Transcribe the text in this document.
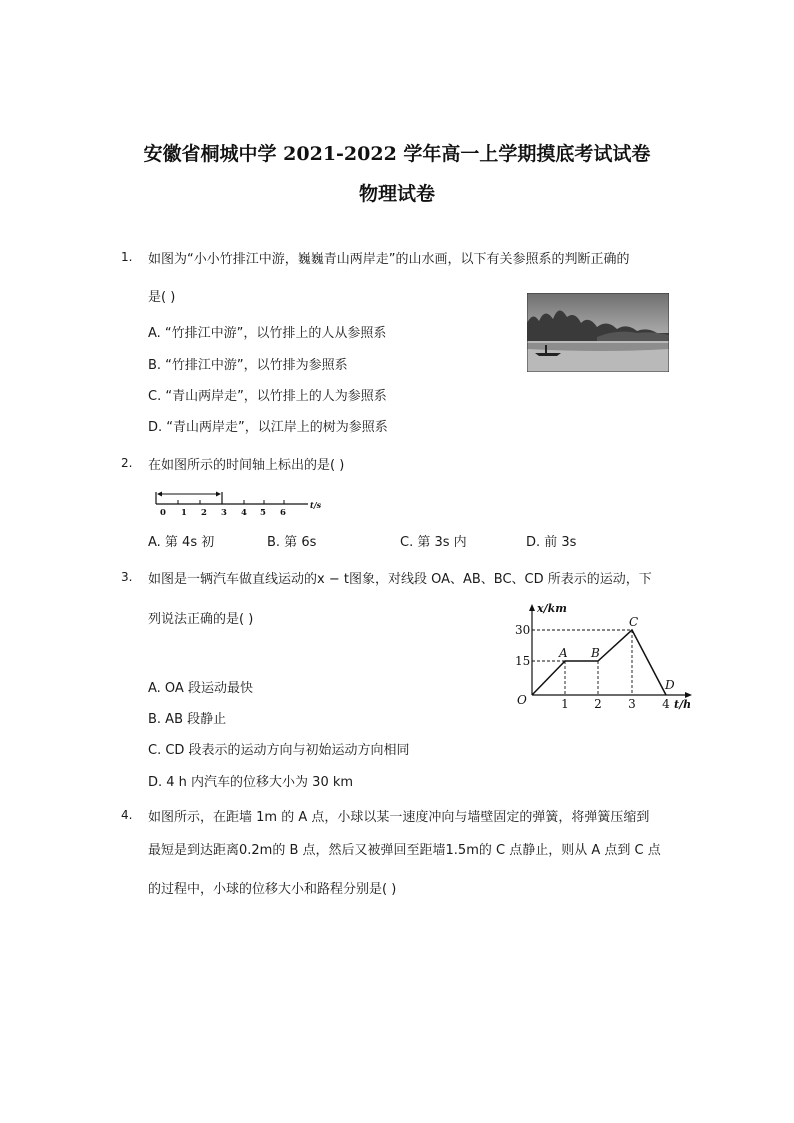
安徽省桐城中学 2021-2022 学年高一上学期摸底考试试卷
物理试卷
1. 如图为“小小竹排江中游，巍巍青山两岸走”的山水画，以下有关参照系的判断正确的
是( )
A. “竹排江中游”，以竹排上的人从参照系
B. “竹排江中游”，以竹排为参照系
C. “青山两岸走”，以竹排上的人为参照系
D. “青山两岸走”，以江岸上的树为参照系
2. 在如图所示的时间轴上标出的是( )
0 1 2 3 4 5 6
t/s
A. 第 4s 初	B. 第 6s	C. 第 3s 内	D. 前 3s
3. 如图是一辆汽车做直线运动的x − t图象，对线段 OA、AB、BC、CD 所表示的运动，下
列说法正确的是( )
A. OA 段运动最快
B. AB 段静止
C. CD 段表示的运动方向与初始运动方向相同
D. 4 h 内汽车的位移大小为 30 km
x/km
t/h
O
15
30
1 2 3 4
A B
C
D
4. 如图所示，在距墙 1m 的 A 点，小球以某一速度冲向与墙壁固定的弹簧，将弹簧压缩到
最短是到达距离0.2m的 B 点，然后又被弹回至距墙1.5m的 C 点静止，则从 A 点到 C 点
的过程中，小球的位移大小和路程分别是( )
